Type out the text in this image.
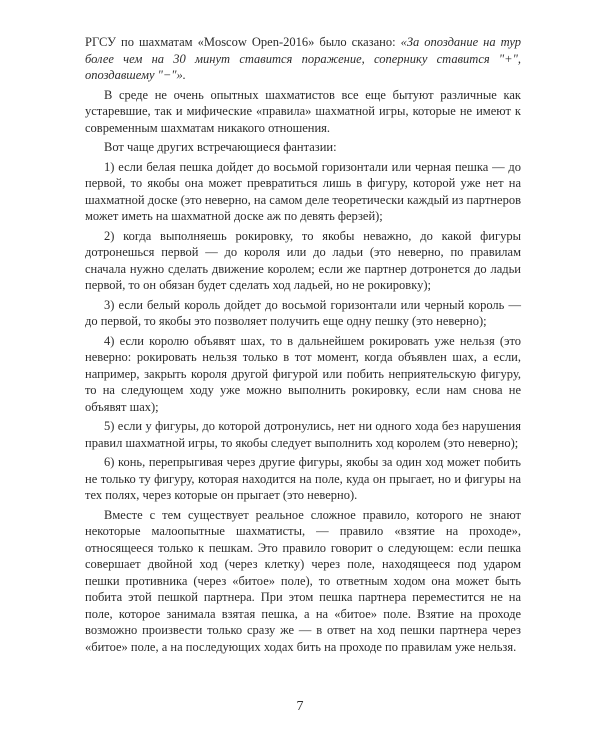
РГСУ по шахматам «Moscow Open-2016» было сказано: «За опоздание на тур более чем на 30 минут ставится поражение, сопернику ставится "+", опоздавшему "−"».

В среде не очень опытных шахматистов все еще бытуют различные как устаревшие, так и мифические «правила» шахматной игры, которые не имеют к современным шахматам никакого отношения.

Вот чаще других встречающиеся фантазии:

1) если белая пешка дойдет до восьмой горизонтали или черная пешка — до первой, то якобы она может превратиться лишь в фигуру, которой уже нет на шахматной доске (это неверно, на самом деле теоретически каждый из партнеров может иметь на шахматной доске аж по девять ферзей);

2) когда выполняешь рокировку, то якобы неважно, до какой фигуры дотронешься первой — до короля или до ладьи (это неверно, по правилам сначала нужно сделать движение королем; если же партнер дотронется до ладьи первой, то он обязан будет сделать ход ладьей, но не рокировку);

3) если белый король дойдет до восьмой горизонтали или черный король — до первой, то якобы это позволяет получить еще одну пешку (это неверно);

4) если королю объявят шах, то в дальнейшем рокировать уже нельзя (это неверно: рокировать нельзя только в тот момент, когда объявлен шах, а если, например, закрыть короля другой фигурой или побить неприятельскую фигуру, то на следующем ходу уже можно выполнить рокировку, если нам снова не объявят шах);

5) если у фигуры, до которой дотронулись, нет ни одного хода без нарушения правил шахматной игры, то якобы следует выполнить ход королем (это неверно);

6) конь, перепрыгивая через другие фигуры, якобы за один ход может побить не только ту фигуру, которая находится на поле, куда он прыгает, но и фигуры на тех полях, через которые он прыгает (это неверно).

Вместе с тем существует реальное сложное правило, которого не знают некоторые малоопытные шахматисты, — правило «взятие на проходе», относящееся только к пешкам. Это правило говорит о следующем: если пешка совершает двойной ход (через клетку) через поле, находящееся под ударом пешки противника (через «битое» поле), то ответным ходом она может быть побита этой пешкой партнера. При этом пешка партнера переместится не на поле, которое занимала взятая пешка, а на «битое» поле. Взятие на проходе возможно произвести только сразу же — в ответ на ход пешки партнера через «битое» поле, а на последующих ходах бить на проходе по правилам уже нельзя.

7
